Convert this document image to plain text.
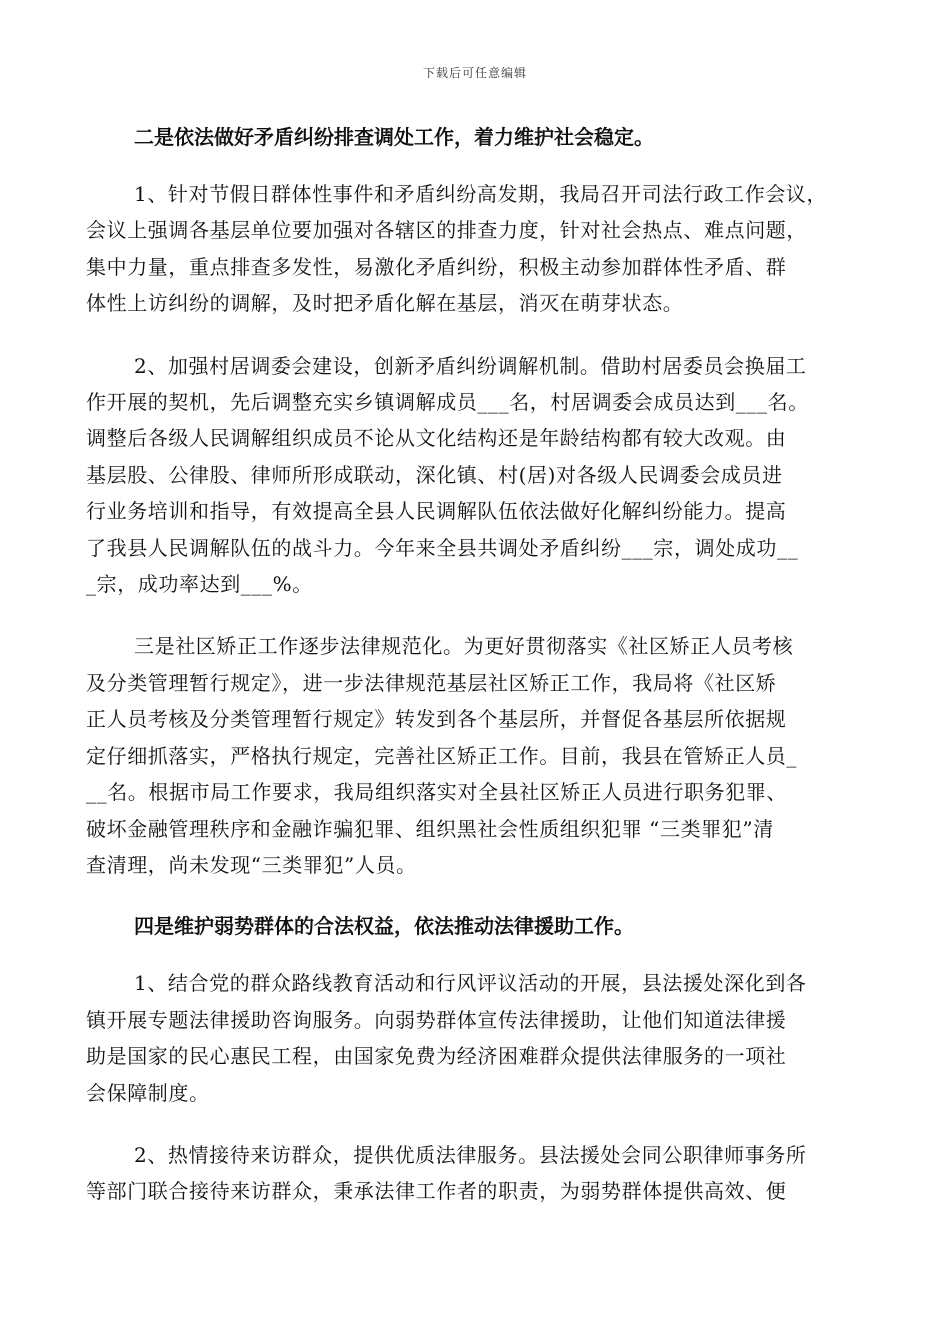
下载后可任意编辑

二是依法做好矛盾纠纷排查调处工作，着力维护社会稳定。

1、针对节假日群体性事件和矛盾纠纷高发期，我局召开司法行政工作会议，
会议上强调各基层单位要加强对各辖区的排查力度，针对社会热点、难点问题，
集中力量，重点排查多发性，易激化矛盾纠纷，积极主动参加群体性矛盾、群
体性上访纠纷的调解，及时把矛盾化解在基层，消灭在萌芽状态。

2、加强村居调委会建设，创新矛盾纠纷调解机制。借助村居委员会换届工
作开展的契机，先后调整充实乡镇调解成员___名，村居调委会成员达到___名。
调整后各级人民调解组织成员不论从文化结构还是年龄结构都有较大改观。由
基层股、公律股、律师所形成联动，深化镇、村(居)对各级人民调委会成员进
行业务培训和指导，有效提高全县人民调解队伍依法做好化解纠纷能力。提高
了我县人民调解队伍的战斗力。今年来全县共调处矛盾纠纷___宗，调处成功__
_宗，成功率达到___%。

三是社区矫正工作逐步法律规范化。为更好贯彻落实《社区矫正人员考核
及分类管理暂行规定》，进一步法律规范基层社区矫正工作，我局将《社区矫
正人员考核及分类管理暂行规定》转发到各个基层所，并督促各基层所依据规
定仔细抓落实，严格执行规定，完善社区矫正工作。目前，我县在管矫正人员_
__名。根据市局工作要求，我局组织落实对全县社区矫正人员进行职务犯罪、
破坏金融管理秩序和金融诈骗犯罪、组织黑社会性质组织犯罪 “三类罪犯”清
查清理，尚未发现“三类罪犯”人员。

四是维护弱势群体的合法权益，依法推动法律援助工作。

1、结合党的群众路线教育活动和行风评议活动的开展，县法援处深化到各
镇开展专题法律援助咨询服务。向弱势群体宣传法律援助，让他们知道法律援
助是国家的民心惠民工程，由国家免费为经济困难群众提供法律服务的一项社
会保障制度。

2、热情接待来访群众，提供优质法律服务。县法援处会同公职律师事务所
等部门联合接待来访群众，秉承法律工作者的职责，为弱势群体提供高效、便
